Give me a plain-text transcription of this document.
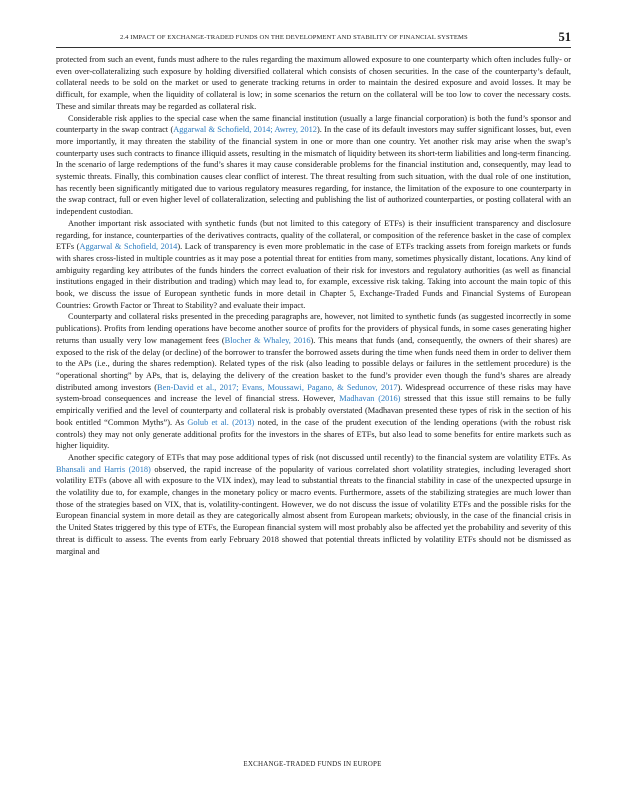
2.4 IMPACT OF EXCHANGE-TRADED FUNDS ON THE DEVELOPMENT AND STABILITY OF FINANCIAL SYSTEMS	51

protected from such an event, funds must adhere to the rules regarding the maximum allowed exposure to one counterparty which often includes fully- or even over-collateralizing such exposure by holding diversified collateral which consists of chosen securities. In the case of the counterparty’s default, collateral needs to be sold on the market or used to generate tracking returns in order to maintain the desired exposure and avoid losses. It may be difficult, for example, when the liquidity of collateral is low; in some scenarios the return on the collateral will be too low to cover the necessary costs. These and similar threats may be regarded as collateral risk.

Considerable risk applies to the special case when the same financial institution (usually a large financial corporation) is both the fund’s sponsor and counterparty in the swap contract (Aggarwal & Schofield, 2014; Awrey, 2012). In the case of its default investors may suffer significant losses, but, even more importantly, it may threaten the stability of the financial system in one or more than one country. Yet another risk may arise when the swap’s counterparty uses such contracts to finance illiquid assets, resulting in the mismatch of liquidity between its short-term liabilities and long-term financing. In the scenario of large redemptions of the fund’s shares it may cause considerable problems for the financial institution and, consequently, may lead to systemic threats. Finally, this combination causes clear conflict of interest. The threat resulting from such situation, with the dual role of one institution, has recently been significantly mitigated due to various regulatory measures regarding, for instance, the limitation of the exposure to one counterparty in the swap contract, full or even higher level of collateralization, selecting and publishing the list of authorized counterparties, or posting collateral with an independent custodian.

Another important risk associated with synthetic funds (but not limited to this category of ETFs) is their insufficient transparency and disclosure regarding, for instance, counterparties of the derivatives contracts, quality of the collateral, or composition of the reference basket in the case of complex ETFs (Aggarwal & Schofield, 2014). Lack of transparency is even more problematic in the case of ETFs tracking assets from foreign markets or funds with shares cross-listed in multiple countries as it may pose a potential threat for entities from many, sometimes physically distant, locations. Any kind of ambiguity regarding key attributes of the funds hinders the correct evaluation of their risk for investors and regulatory authorities (as well as financial institutions engaged in their distribution and trading) which may lead to, for example, excessive risk taking. Taking into account the main topic of this book, we discuss the issue of European synthetic funds in more detail in Chapter 5, Exchange-Traded Funds and Financial Systems of European Countries: Growth Factor or Threat to Stability? and evaluate their impact.

Counterparty and collateral risks presented in the preceding paragraphs are, however, not limited to synthetic funds (as suggested incorrectly in some publications). Profits from lending operations have become another source of profits for the providers of physical funds, in some cases generating higher returns than usually very low management fees (Blocher & Whaley, 2016). This means that funds (and, consequently, the owners of their shares) are exposed to the risk of the delay (or decline) of the borrower to transfer the borrowed assets during the time when funds need them in order to deliver them to the APs (i.e., during the shares redemption). Related types of the risk (also leading to possible delays or failures in the settlement procedure) is the “operational shorting” by APs, that is, delaying the delivery of the creation basket to the fund’s provider even though the fund’s shares are already distributed among investors (Ben-David et al., 2017; Evans, Moussawi, Pagano, & Sedunov, 2017). Widespread occurrence of these risks may have system-broad consequences and increase the level of financial stress. However, Madhavan (2016) stressed that this issue still remains to be fully empirically verified and the level of counterparty and collateral risk is probably overstated (Madhavan presented these types of risk in the section of his book entitled “Common Myths”). As Golub et al. (2013) noted, in the case of the prudent execution of the lending operations (with the robust risk controls) they may not only generate additional profits for the investors in the shares of ETFs, but also lead to some benefits for entire markets such as higher liquidity.

Another specific category of ETFs that may pose additional types of risk (not discussed until recently) to the financial system are volatility ETFs. As Bhansali and Harris (2018) observed, the rapid increase of the popularity of various correlated short volatility strategies, including leveraged short volatility ETFs (above all with exposure to the VIX index), may lead to substantial threats to the financial stability in case of the unexpected upsurge in the volatility due to, for example, changes in the monetary policy or macro events. Furthermore, assets of the stabilizing strategies are much lower than those of the strategies based on VIX, that is, volatility-contingent. However, we do not discuss the issue of volatility ETFs and the possible risks for the European financial system in more detail as they are categorically almost absent from European markets; obviously, in the case of the financial crisis in the United States triggered by this type of ETFs, the European financial system will most probably also be affected yet the probability and severity of this threat is difficult to assess. The events from early February 2018 showed that potential threats inflicted by volatility ETFs should not be dismissed as marginal and

EXCHANGE-TRADED FUNDS IN EUROPE
